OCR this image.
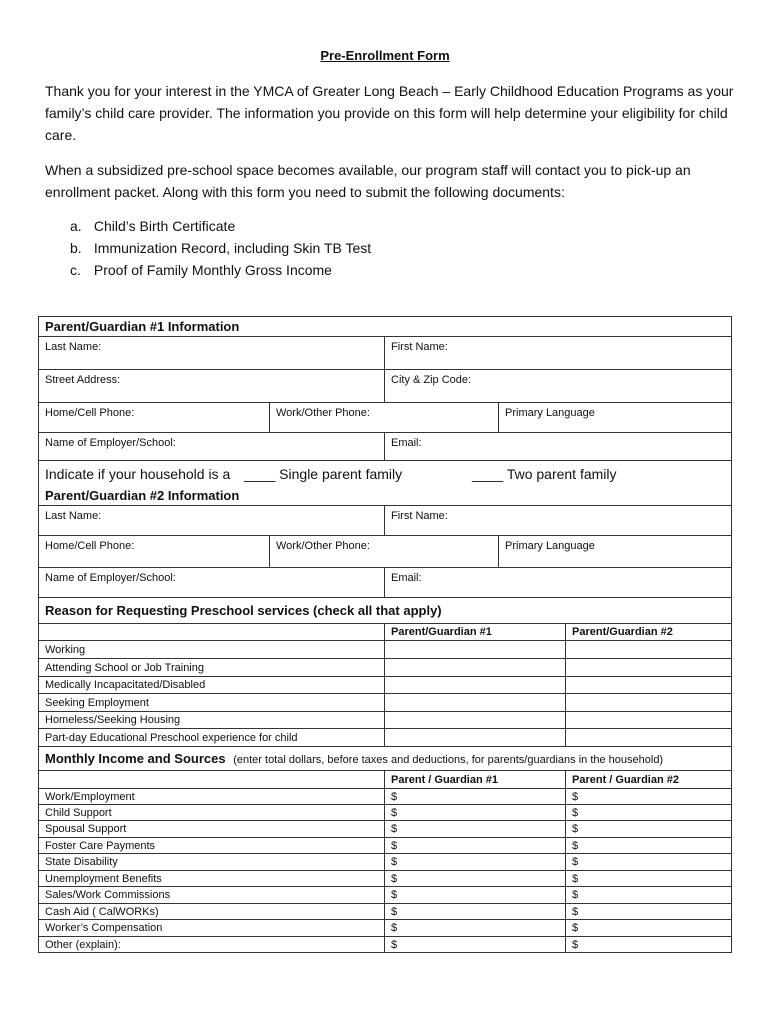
Pre-Enrollment Form

Thank you for your interest in the YMCA of Greater Long Beach – Early Childhood Education Programs as your family’s child care provider. The information you provide on this form will help determine your eligibility for child care.

When a subsidized pre-school space becomes available, our program staff will contact you to pick-up an enrollment packet. Along with this form you need to submit the following documents:

a. Child’s Birth Certificate
b. Immunization Record, including Skin TB Test
c. Proof of Family Monthly Gross Income
Parent/Guardian #1 Information			
Last Name:		First Name:	
Street Address:		City & Zip Code:	
Home/Cell Phone:	Work/Other Phone:		Primary Language
Name of Employer/School:		Email:	
Indicate if your household is a ____ Single parent family ____ Two parent family			
Parent/Guardian #2 Information			
Last Name:		First Name:	
Home/Cell Phone:	Work/Other Phone:		Primary Language
Name of Employer/School:		Email:	
Reason for Requesting Preschool services (check all that apply)			
	Parent/Guardian #1	Parent/Guardian #2
Working		
Attending School or Job Training		
Medically Incapacitated/Disabled		
Seeking Employment		
Homeless/Seeking Housing		
Part-day Educational Preschool experience for child		
Monthly Income and Sources (enter total dollars, before taxes and deductions, for parents/guardians in the household)		
	Parent / Guardian #1	Parent / Guardian #2
Work/Employment	$	$
Child Support	$	$
Spousal Support	$	$
Foster Care Payments	$	$
State Disability	$	$
Unemployment Benefits	$	$
Sales/Work Commissions	$	$
Cash Aid ( CalWORKs)	$	$
Worker’s Compensation	$	$
Other (explain):	$	$
